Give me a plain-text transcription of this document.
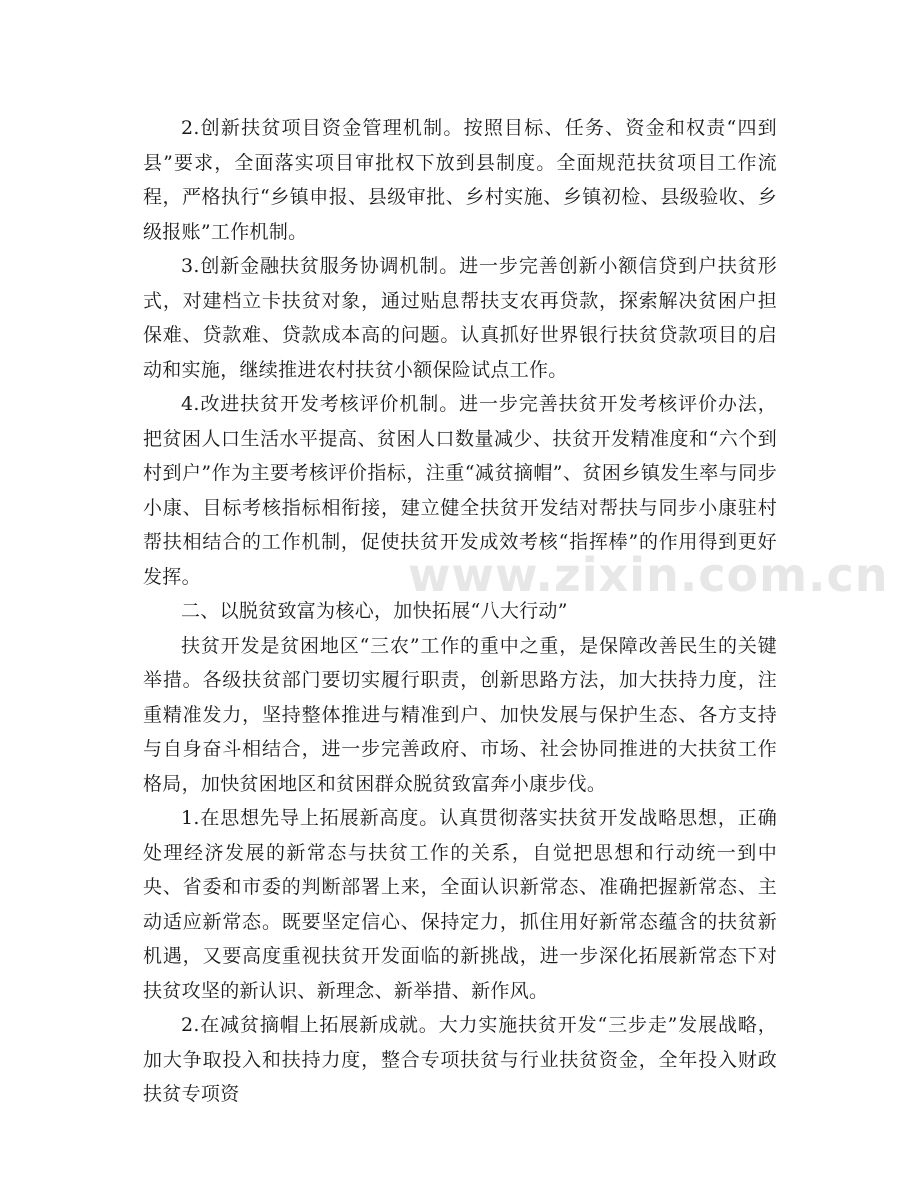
www.zixin.com.cn

2.创新扶贫项目资金管理机制。按照目标、任务、资金和权责“四到县”要求，全面落实项目审批权下放到县制度。全面规范扶贫项目工作流程，严格执行“乡镇申报、县级审批、乡村实施、乡镇初检、县级验收、乡级报账”工作机制。

3.创新金融扶贫服务协调机制。进一步完善创新小额信贷到户扶贫形式，对建档立卡扶贫对象，通过贴息帮扶支农再贷款，探索解决贫困户担保难、贷款难、贷款成本高的问题。认真抓好世界银行扶贫贷款项目的启动和实施，继续推进农村扶贫小额保险试点工作。

4.改进扶贫开发考核评价机制。进一步完善扶贫开发考核评价办法，把贫困人口生活水平提高、贫困人口数量减少、扶贫开发精准度和“六个到村到户”作为主要考核评价指标，注重“减贫摘帽”、贫困乡镇发生率与同步小康、目标考核指标相衔接，建立健全扶贫开发结对帮扶与同步小康驻村帮扶相结合的工作机制，促使扶贫开发成效考核“指挥棒”的作用得到更好发挥。

二、以脱贫致富为核心，加快拓展“八大行动”

扶贫开发是贫困地区“三农”工作的重中之重，是保障改善民生的关键举措。各级扶贫部门要切实履行职责，创新思路方法，加大扶持力度，注重精准发力，坚持整体推进与精准到户、加快发展与保护生态、各方支持与自身奋斗相结合，进一步完善政府、市场、社会协同推进的大扶贫工作格局，加快贫困地区和贫困群众脱贫致富奔小康步伐。

1.在思想先导上拓展新高度。认真贯彻落实扶贫开发战略思想，正确处理经济发展的新常态与扶贫工作的关系，自觉把思想和行动统一到中央、省委和市委的判断部署上来，全面认识新常态、准确把握新常态、主动适应新常态。既要坚定信心、保持定力，抓住用好新常态蕴含的扶贫新机遇，又要高度重视扶贫开发面临的新挑战，进一步深化拓展新常态下对扶贫攻坚的新认识、新理念、新举措、新作风。

2.在减贫摘帽上拓展新成就。大力实施扶贫开发“三步走”发展战略，加大争取投入和扶持力度，整合专项扶贫与行业扶贫资金，全年投入财政扶贫专项资
